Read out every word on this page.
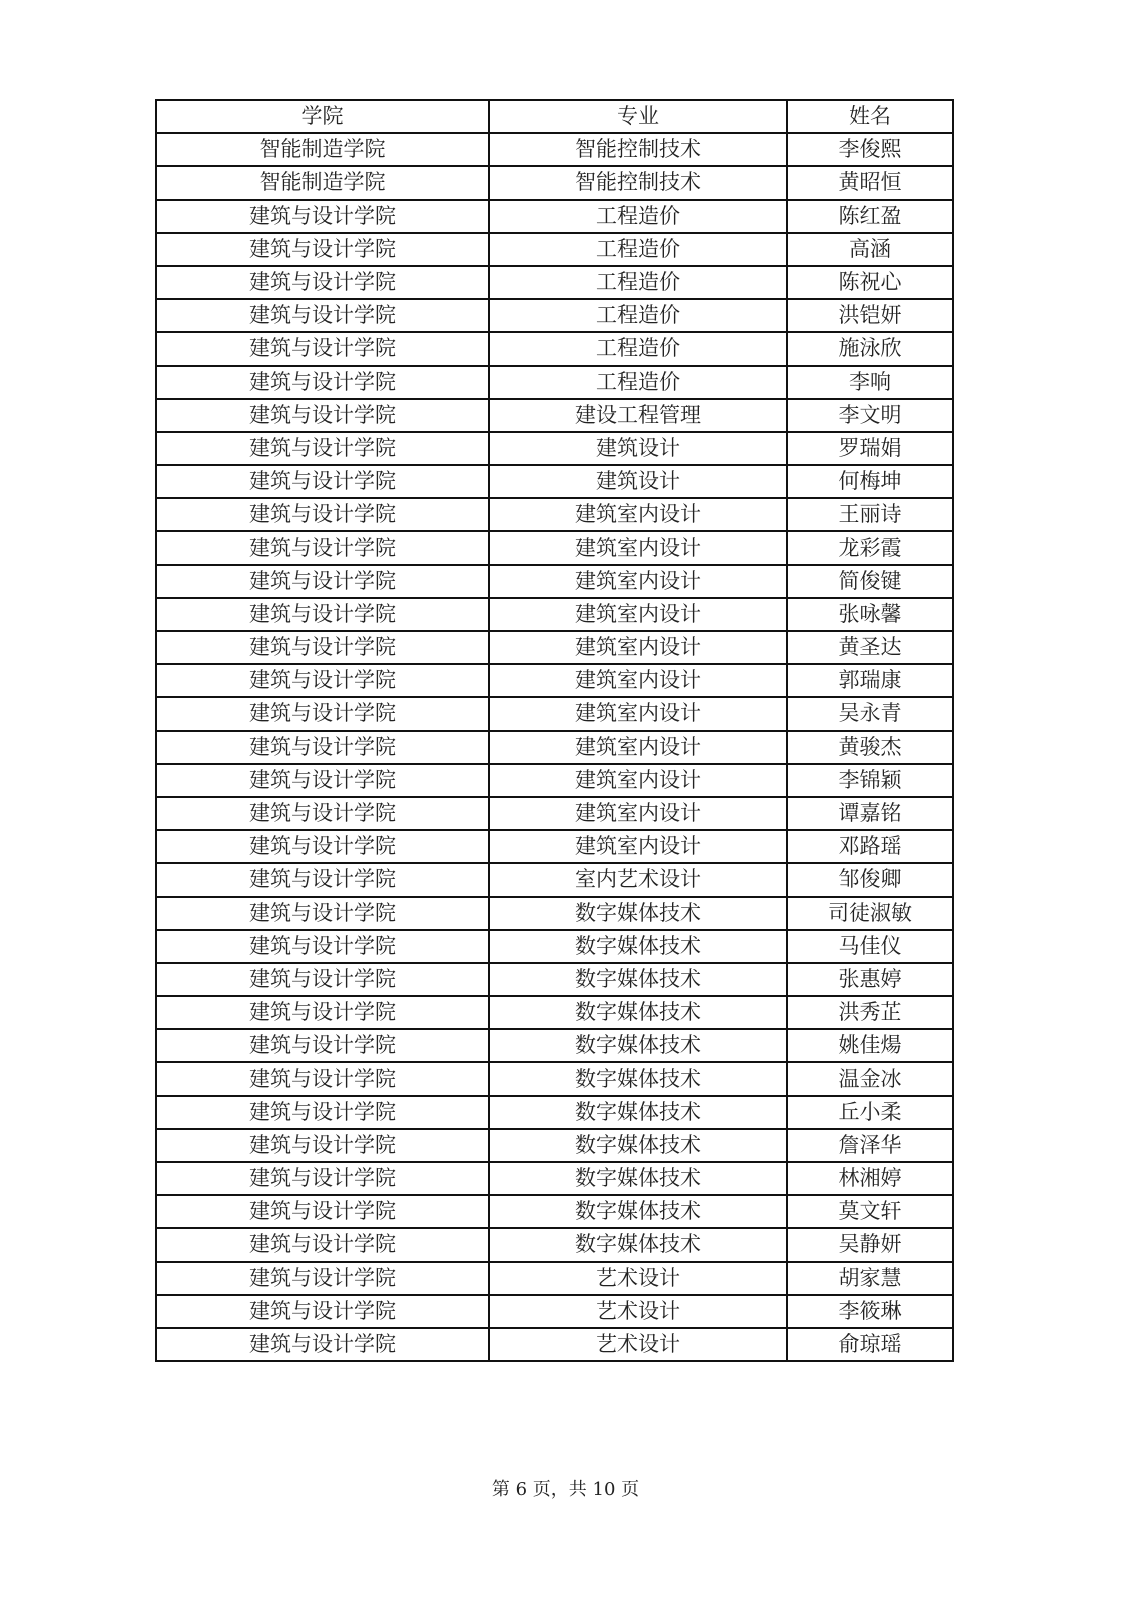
学院	专业	姓名
智能制造学院	智能控制技术	李俊熙
智能制造学院	智能控制技术	黄昭恒
建筑与设计学院	工程造价	陈红盈
建筑与设计学院	工程造价	高涵
建筑与设计学院	工程造价	陈祝心
建筑与设计学院	工程造价	洪铠妍
建筑与设计学院	工程造价	施泳欣
建筑与设计学院	工程造价	李响
建筑与设计学院	建设工程管理	李文明
建筑与设计学院	建筑设计	罗瑞娟
建筑与设计学院	建筑设计	何梅坤
建筑与设计学院	建筑室内设计	王丽诗
建筑与设计学院	建筑室内设计	龙彩霞
建筑与设计学院	建筑室内设计	简俊键
建筑与设计学院	建筑室内设计	张咏馨
建筑与设计学院	建筑室内设计	黄圣达
建筑与设计学院	建筑室内设计	郭瑞康
建筑与设计学院	建筑室内设计	吴永青
建筑与设计学院	建筑室内设计	黄骏杰
建筑与设计学院	建筑室内设计	李锦颖
建筑与设计学院	建筑室内设计	谭嘉铭
建筑与设计学院	建筑室内设计	邓路瑶
建筑与设计学院	室内艺术设计	邹俊卿
建筑与设计学院	数字媒体技术	司徒淑敏
建筑与设计学院	数字媒体技术	马佳仪
建筑与设计学院	数字媒体技术	张惠婷
建筑与设计学院	数字媒体技术	洪秀芷
建筑与设计学院	数字媒体技术	姚佳煬
建筑与设计学院	数字媒体技术	温金冰
建筑与设计学院	数字媒体技术	丘小柔
建筑与设计学院	数字媒体技术	詹泽华
建筑与设计学院	数字媒体技术	林湘婷
建筑与设计学院	数字媒体技术	莫文轩
建筑与设计学院	数字媒体技术	吴静妍
建筑与设计学院	艺术设计	胡家慧
建筑与设计学院	艺术设计	李筱琳
建筑与设计学院	艺术设计	俞琼瑶
第 6 页，共 10 页
